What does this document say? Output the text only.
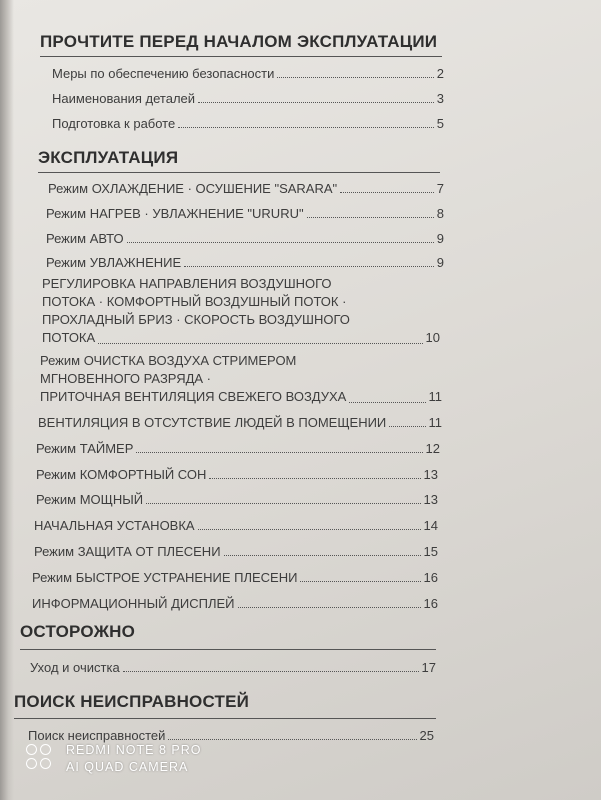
ПРОЧТИТЕ ПЕРЕД НАЧАЛОМ ЭКСПЛУАТАЦИИ
Меры по обеспечению безопасности	2
Наименования деталей	3
Подготовка к работе	5
ЭКСПЛУАТАЦИЯ
Режим ОХЛАЖДЕНИЕ · ОСУШЕНИЕ "SARARA"	7
Режим НАГРЕВ · УВЛАЖНЕНИЕ "URURU"	8
Режим АВТО	9
Режим УВЛАЖНЕНИЕ	9
РЕГУЛИРОВКА НАПРАВЛЕНИЯ ВОЗДУШНОГО
ПОТОКА · КОМФОРТНЫЙ ВОЗДУШНЫЙ ПОТОК ·
ПРОХЛАДНЫЙ БРИЗ · СКОРОСТЬ ВОЗДУШНОГО
ПОТОКА	10
Режим ОЧИСТКА ВОЗДУХА СТРИМЕРОМ
МГНОВЕННОГО РАЗРЯДА ·
ПРИТОЧНАЯ ВЕНТИЛЯЦИЯ СВЕЖЕГО ВОЗДУХА	11
ВЕНТИЛЯЦИЯ В ОТСУТСТВИЕ ЛЮДЕЙ В ПОМЕЩЕНИИ	11
Режим ТАЙМЕР	12
Режим КОМФОРТНЫЙ СОН	13
Режим МОЩНЫЙ	13
НАЧАЛЬНАЯ УСТАНОВКА	14
Режим ЗАЩИТА ОТ ПЛЕСЕНИ	15
Режим БЫСТРОЕ УСТРАНЕНИЕ ПЛЕСЕНИ	16
ИНФОРМАЦИОННЫЙ ДИСПЛЕЙ	16
ОСТОРОЖНО
Уход и очистка	17
ПОИСК НЕИСПРАВНОСТЕЙ
Поиск неисправностей	25
REDMI NOTE 8 PRO
AI QUAD CAMERA
